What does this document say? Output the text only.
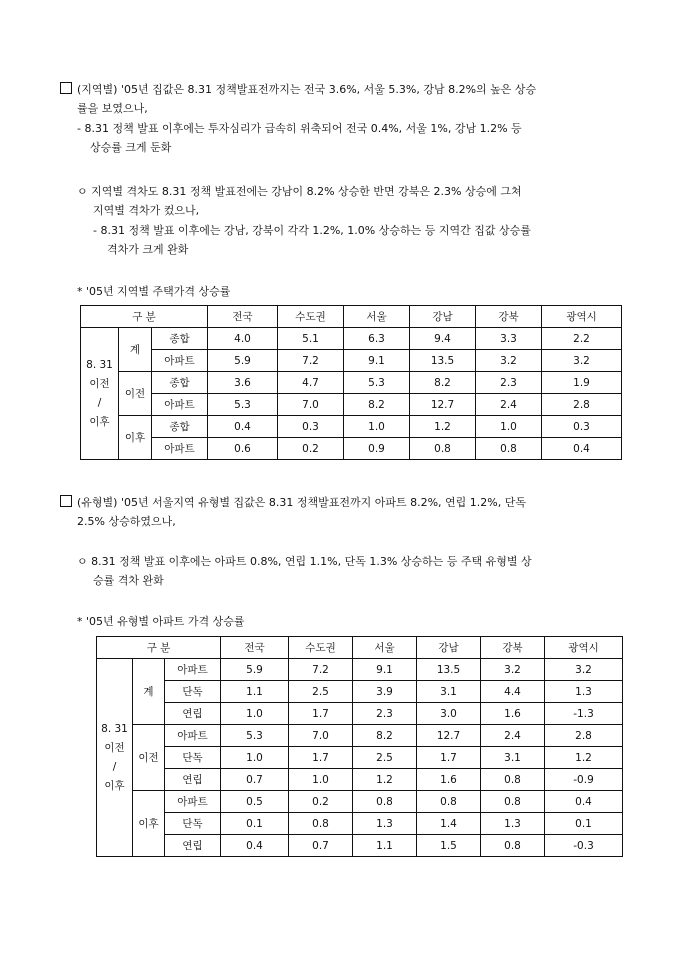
(지역별) '05년 집값은 8.31 정책발표전까지는 전국 3.6%, 서울 5.3%, 강남 8.2%의 높은 상승
률을 보였으나,
- 8.31 정책 발표 이후에는 투자심리가 급속히 위축되어 전국 0.4%, 서울 1%, 강남 1.2% 등
상승률 크게 둔화
ㅇ 지역별 격차도 8.31 정책 발표전에는 강남이 8.2% 상승한 반면 강북은 2.3% 상승에 그쳐
지역별 격차가 컸으나,
- 8.31 정책 발표 이후에는 강남, 강북이 각각 1.2%, 1.0% 상승하는 등 지역간 집값 상승률
격차가 크게 완화
* '05년 지역별 주택가격 상승률
구 분			전국	수도권	서울	강남	강북	광역시

8. 31
이전
/
이후	계	종합	4.0	5.1	6.3	9.4	3.3	2.2
		아파트	5.9	7.2	9.1	13.5	3.2	3.2
	이전	종합	3.6	4.7	5.3	8.2	2.3	1.9
		아파트	5.3	7.0	8.2	12.7	2.4	2.8
	이후	종합	0.4	0.3	1.0	1.2	1.0	0.3
		아파트	0.6	0.2	0.9	0.8	0.8	0.4
(유형별) '05년 서울지역 유형별 집값은 8.31 정책발표전까지 아파트 8.2%, 연립 1.2%, 단독
2.5% 상승하였으나,
ㅇ 8.31 정책 발표 이후에는 아파트 0.8%, 연립 1.1%, 단독 1.3% 상승하는 등 주택 유형별 상
승률 격차 완화
* '05년 유형별 아파트 가격 상승률
구 분			전국	수도권	서울	강남	강북	광역시

8. 31
이전
/
이후	계	아파트	5.9	7.2	9.1	13.5	3.2	3.2
		단독	1.1	2.5	3.9	3.1	4.4	1.3
		연립	1.0	1.7	2.3	3.0	1.6	-1.3
	이전	아파트	5.3	7.0	8.2	12.7	2.4	2.8
		단독	1.0	1.7	2.5	1.7	3.1	1.2
		연립	0.7	1.0	1.2	1.6	0.8	-0.9
	이후	아파트	0.5	0.2	0.8	0.8	0.8	0.4
		단독	0.1	0.8	1.3	1.4	1.3	0.1
		연립	0.4	0.7	1.1	1.5	0.8	-0.3
